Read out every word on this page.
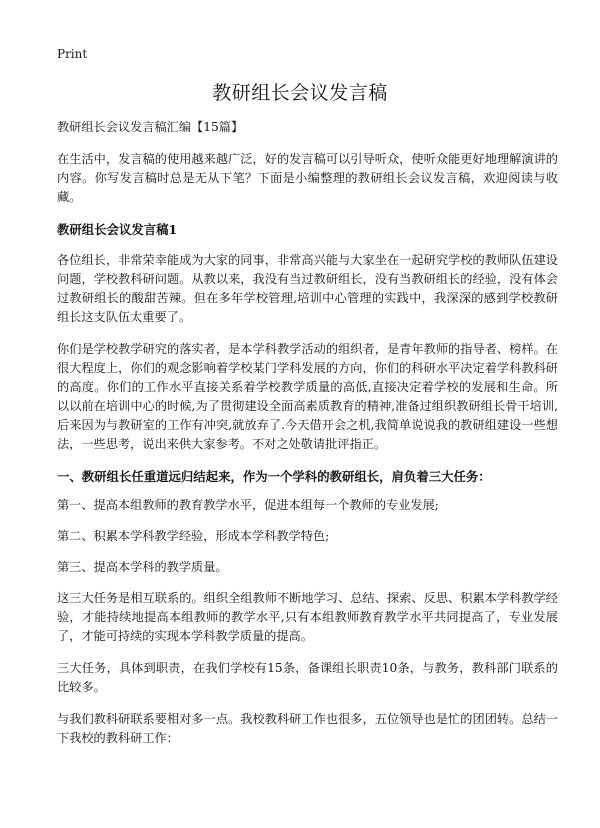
Print
教研组长会议发言稿

教研组长会议发言稿汇编【15篇】

在生活中，发言稿的使用越来越广泛，好的发言稿可以引导听众，使听众能更好地理解演讲的内容。你写发言稿时总是无从下笔？下面是小编整理的教研组长会议发言稿，欢迎阅读与收藏。

教研组长会议发言稿1

各位组长，非常荣幸能成为大家的同事，非常高兴能与大家坐在一起研究学校的教师队伍建设问题，学校教科研问题。从教以来，我没有当过教研组长，没有当教研组长的经验，没有体会过教研组长的酸甜苦辣。但在多年学校管理,培训中心管理的实践中，我深深的感到学校教研组长这支队伍太重要了。

你们是学校教学研究的落实者，是本学科教学活动的组织者，是青年教师的指导者、榜样。在很大程度上，你们的观念影响着学校某门学科发展的方向，你们的科研水平决定着学科教科研的高度。你们的工作水平直接关系着学校教学质量的高低,直接决定着学校的发展和生命。所以以前在培训中心的时候,为了贯彻建设全面高素质教育的精神,准备过组织教研组长骨干培训,后来因为与教研室的工作有冲突,就放弃了.今天借开会之机,我简单说说我的教研组建设一些想法，一些思考，说出来供大家参考。不对之处敬请批评指正。

一、教研组长任重道远归结起来，作为一个学科的教研组长，肩负着三大任务：

第一、提高本组教师的教育教学水平，促进本组每一个教师的专业发展;

第二、积累本学科教学经验，形成本学科教学特色;

第三、提高本学科的教学质量。

这三大任务是相互联系的。组织全组教师不断地学习、总结、探索、反思、积累本学科教学经验，才能持续地提高本组教师的教学水平,只有本组教师教育教学水平共同提高了，专业发展了，才能可持续的实现本学科教学质量的提高。

三大任务，具体到职责，在我们学校有15条，备课组长职责10条，与教务，教科部门联系的比较多。

与我们教科研联系要相对多一点。我校教科研工作也很多，五位领导也是忙的团团转。总结一下我校的教科研工作：
